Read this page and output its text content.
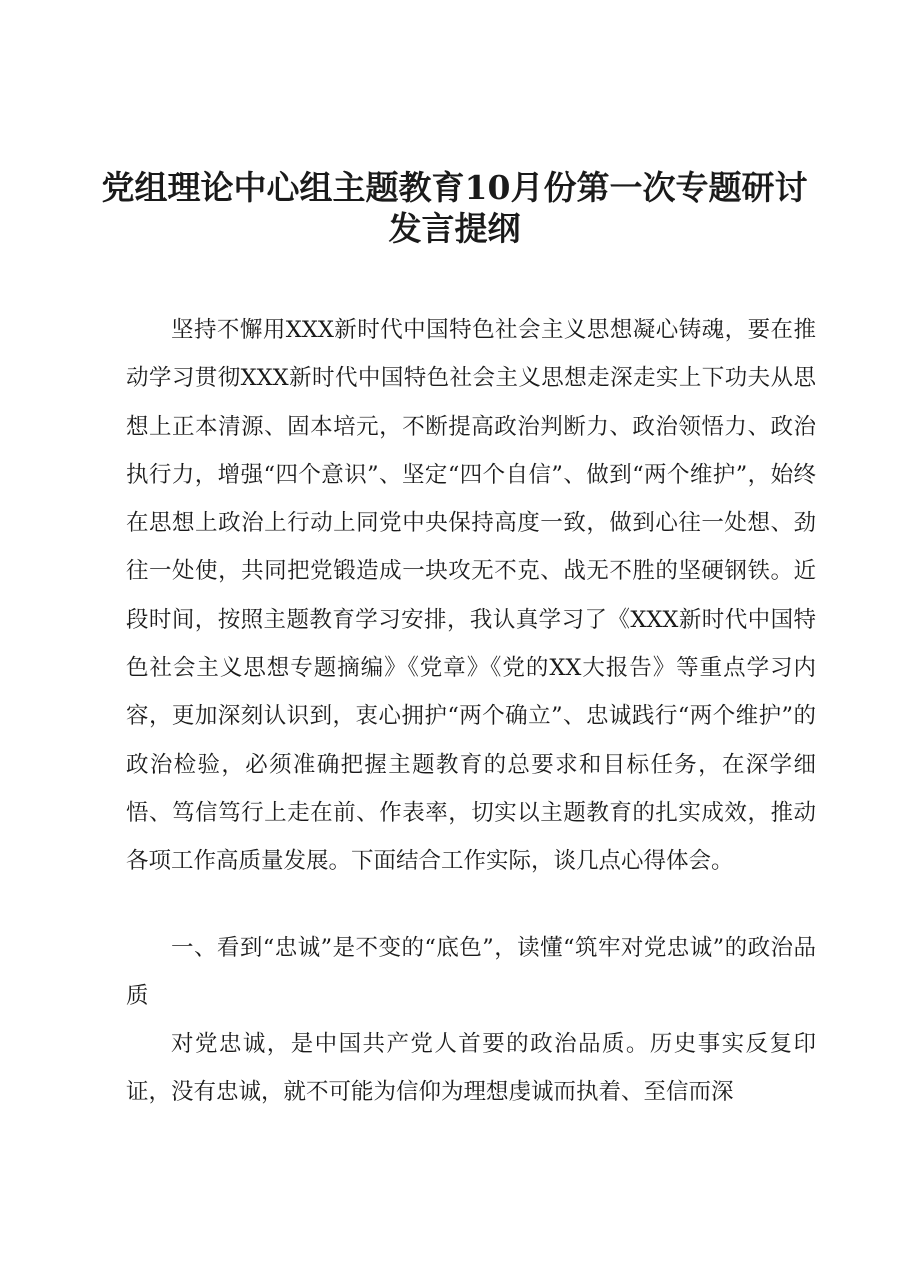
党组理论中心组主题教育10月份第一次专题研讨
发言提纲

坚持不懈用XXX新时代中国特色社会主义思想凝心铸魂，要在推动学习贯彻XXX新时代中国特色社会主义思想走深走实上下功夫从思想上正本清源、固本培元，不断提高政治判断力、政治领悟力、政治执行力，增强“四个意识”、坚定“四个自信”、做到“两个维护”，始终在思想上政治上行动上同党中央保持高度一致，做到心往一处想、劲往一处使，共同把党锻造成一块攻无不克、战无不胜的坚硬钢铁。近段时间，按照主题教育学习安排，我认真学习了《XXX新时代中国特色社会主义思想专题摘编》《党章》《党的XX大报告》等重点学习内容，更加深刻认识到，衷心拥护“两个确立”、忠诚践行“两个维护”的政治检验，必须准确把握主题教育的总要求和目标任务，在深学细悟、笃信笃行上走在前、作表率，切实以主题教育的扎实成效，推动各项工作高质量发展。下面结合工作实际，谈几点心得体会。

一、看到“忠诚”是不变的“底色”，读懂“筑牢对党忠诚”的政治品质

对党忠诚，是中国共产党人首要的政治品质。历史事实反复印证，没有忠诚，就不可能为信仰为理想虔诚而执着、至信而深
